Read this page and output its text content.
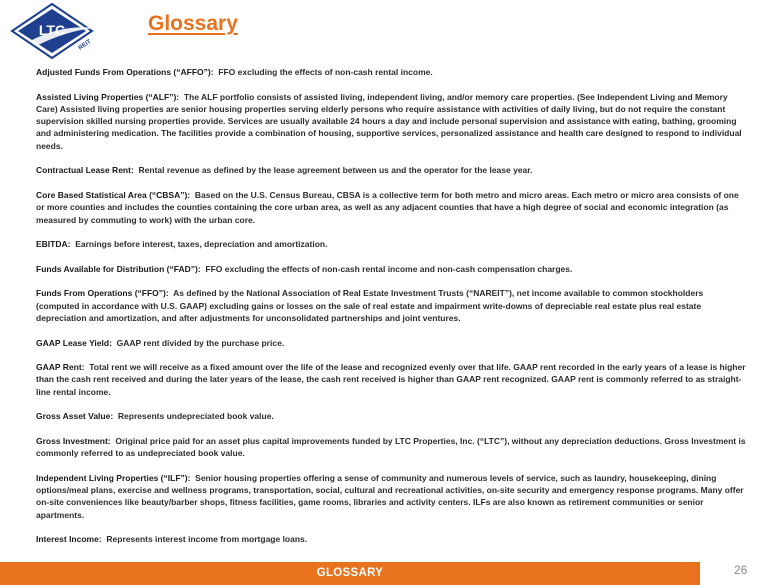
LTC
REIT
Glossary
Adjusted Funds From Operations (“AFFO”): FFO excluding the effects of non-cash rental income.
Assisted Living Properties (“ALF”): The ALF portfolio consists of assisted living, independent living, and/or memory care properties. (See Independent Living and Memory Care) Assisted living properties are senior housing properties serving elderly persons who require assistance with activities of daily living, but do not require the constant supervision skilled nursing properties provide. Services are usually available 24 hours a day and include personal supervision and assistance with eating, bathing, grooming and administering medication. The facilities provide a combination of housing, supportive services, personalized assistance and health care designed to respond to individual needs.
Contractual Lease Rent: Rental revenue as defined by the lease agreement between us and the operator for the lease year.
Core Based Statistical Area (“CBSA”): Based on the U.S. Census Bureau, CBSA is a collective term for both metro and micro areas. Each metro or micro area consists of one or more counties and includes the counties containing the core urban area, as well as any adjacent counties that have a high degree of social and economic integration (as measured by commuting to work) with the urban core.
EBITDA: Earnings before interest, taxes, depreciation and amortization.
Funds Available for Distribution (“FAD”): FFO excluding the effects of non-cash rental income and non-cash compensation charges.
Funds From Operations (“FFO”): As defined by the National Association of Real Estate Investment Trusts (“NAREIT”), net income available to common stockholders (computed in accordance with U.S. GAAP) excluding gains or losses on the sale of real estate and impairment write-downs of depreciable real estate plus real estate depreciation and amortization, and after adjustments for unconsolidated partnerships and joint ventures.
GAAP Lease Yield: GAAP rent divided by the purchase price.
GAAP Rent: Total rent we will receive as a fixed amount over the life of the lease and recognized evenly over that life. GAAP rent recorded in the early years of a lease is higher than the cash rent received and during the later years of the lease, the cash rent received is higher than GAAP rent recognized. GAAP rent is commonly referred to as straight-line rental income.
Gross Asset Value: Represents undepreciated book value.
Gross Investment: Original price paid for an asset plus capital improvements funded by LTC Properties, Inc. (“LTC”), without any depreciation deductions. Gross Investment is commonly referred to as undepreciated book value.
Independent Living Properties (“ILF”): Senior housing properties offering a sense of community and numerous levels of service, such as laundry, housekeeping, dining options/meal plans, exercise and wellness programs, transportation, social, cultural and recreational activities, on-site security and emergency response programs. Many offer on-site conveniences like beauty/barber shops, fitness facilities, game rooms, libraries and activity centers. ILFs are also known as retirement communities or senior apartments.
Interest Income: Represents interest income from mortgage loans.
GLOSSARY	26
